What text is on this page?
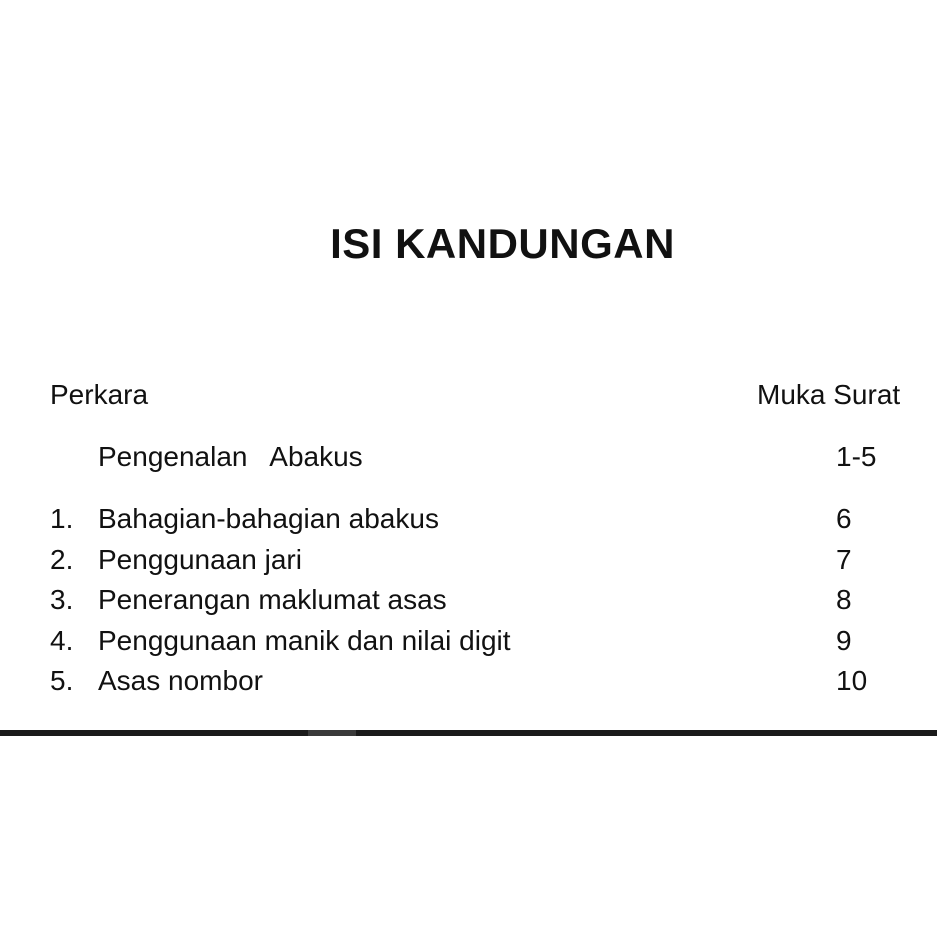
ISI KANDUNGAN
Perkara	Muka Surat
Pengenalan   Abakus	1-5
1. Bahagian-bahagian abakus	6
2. Penggunaan jari	7
3. Penerangan maklumat asas	8
4. Penggunaan manik dan nilai digit	9
5. Asas nombor	10
